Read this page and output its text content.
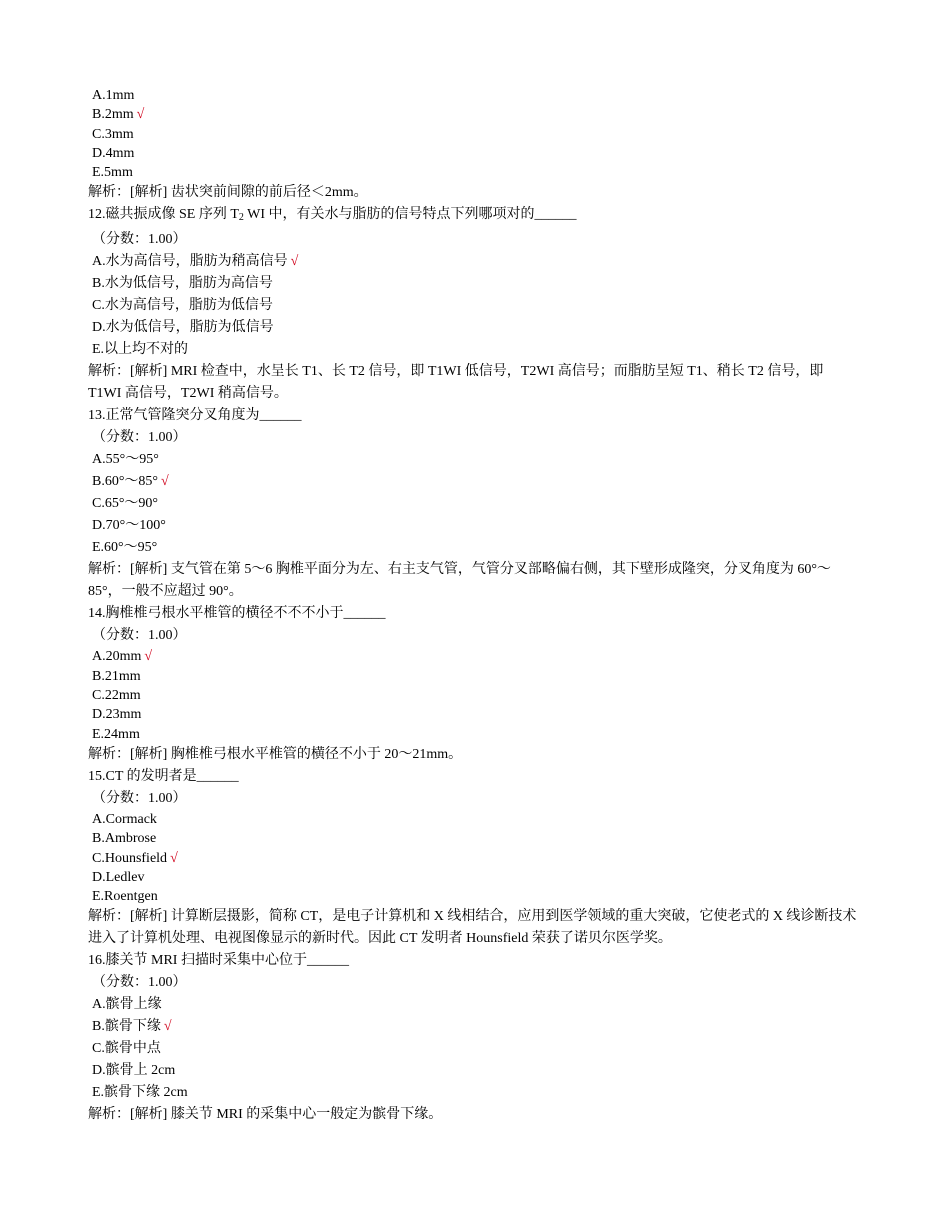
A.1mm
B.2mm √
C.3mm
D.4mm
E.5mm
解析：[解析] 齿状突前间隙的前后径＜2mm。
12.磁共振成像 SE 序列 $T_2$ WI 中，有关水与脂肪的信号特点下列哪项对的______
（分数：1.00）
A.水为高信号，脂肪为稍高信号 √
B.水为低信号，脂肪为高信号
C.水为高信号，脂肪为低信号
D.水为低信号，脂肪为低信号
E.以上均不对的
解析：[解析] MRI 检查中，水呈长 T1、长 T2 信号，即 T1WI 低信号，T2WI 高信号；而脂肪呈短 T1、稍长 T2 信号，即 T1WI 高信号，T2WI 稍高信号。
13.正常气管隆突分叉角度为______
（分数：1.00）
A.55°～95°
B.60°～85° √
C.65°～90°
D.70°～100°
E.60°～95°
解析：[解析] 支气管在第 5～6 胸椎平面分为左、右主支气管，气管分叉部略偏右侧，其下壁形成隆突，分叉角度为 60°～85°，一般不应超过 90°。
14.胸椎椎弓根水平椎管的横径不不不小于______
（分数：1.00）
A.20mm √
B.21mm
C.22mm
D.23mm
E.24mm
解析：[解析] 胸椎椎弓根水平椎管的横径不小于 20～21mm。
15.CT 的发明者是______
（分数：1.00）
A.Cormack
B.Ambrose
C.Hounsfield √
D.Ledlev
E.Roentgen
解析：[解析] 计算断层摄影，简称 CT，是电子计算机和 X 线相结合，应用到医学领域的重大突破，它使老式的 X 线诊断技术进入了计算机处理、电视图像显示的新时代。因此 CT 发明者 Hounsfield 荣获了诺贝尔医学奖。
16.膝关节 MRI 扫描时采集中心位于______
（分数：1.00）
A.髌骨上缘
B.髌骨下缘 √
C.髌骨中点
D.髌骨上 2cm
E.髌骨下缘 2cm
解析：[解析] 膝关节 MRI 的采集中心一般定为髌骨下缘。
